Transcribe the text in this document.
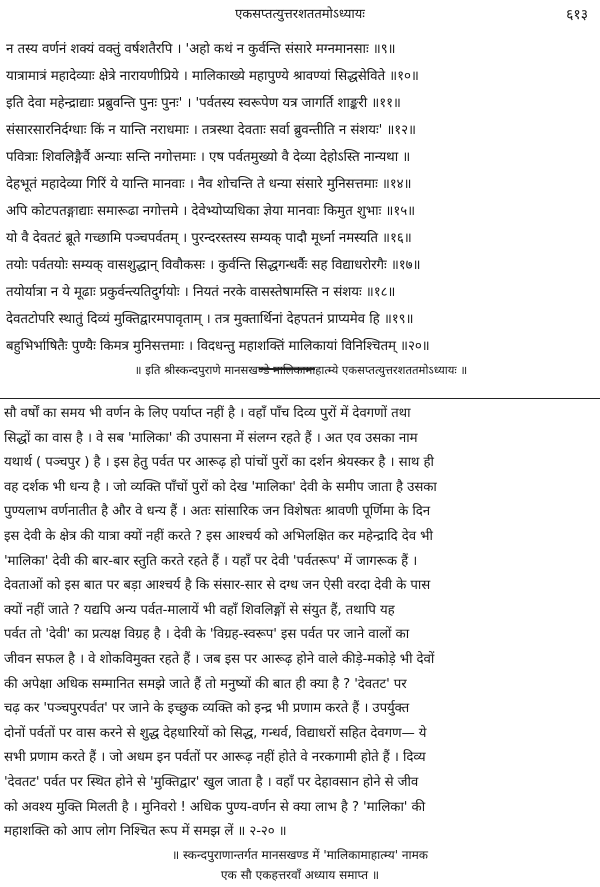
एकसप्तत्युत्तरशततमोऽध्यायः	६१३
न तस्य वर्णनं शक्यं वक्तुं वर्षशतैरपि । 'अहो कथं न कुर्वन्ति संसारे मग्नमानसाः ॥९॥
यात्रामात्रं महादेव्याः क्षेत्रे नारायणीप्रिये । मालिकाख्ये महापुण्ये श्रावण्यां सिद्धसेविते ॥१०॥
इति देवा महेन्द्राद्याः प्रब्रुवन्ति पुनः पुनः' । 'पर्वतस्य स्वरूपेण यत्र जागर्ति शाङ्करी ॥११॥
संसारसारनिर्दग्धाः किं न यान्ति नराधमाः । तत्रस्था देवताः सर्वा ब्रुवन्तीति न संशयः' ॥१२॥
पवित्राः शिवलिङ्गैर्वै अन्याः सन्ति नगोत्तमाः । एष पर्वतमुख्यो वै देव्या देहोऽस्ति नान्यथा ॥
देहभूतं महादेव्या गिरिं ये यान्ति मानवाः । नैव शोचन्ति ते धन्या संसारे मुनिसत्तमाः ॥१४॥
अपि कोटपतङ्गाद्याः समारूढा नगोत्तमे । देवेभ्योप्यधिका ज्ञेया मानवाः किमुत शुभाः ॥१५॥
यो वै देवतटं ब्रूते गच्छामि पञ्चपर्वतम् । पुरन्दरस्तस्य सम्यक् पादौ मूर्ध्ना नमस्यति ॥१६॥
तयोः पर्वतयोः सम्यक् वासशुद्धान् विवौकसः । कुर्वन्ति सिद्धगन्धर्वैः सह विद्याधरोरगैः ॥१७॥
तयोर्यात्रा न ये मूढाः प्रकुर्वन्त्यतिदुर्गयोः । नियतं नरके वासस्तेषामस्ति न संशयः ॥१८॥
देवतटोपरि स्थातुं दिव्यं मुक्तिद्वारमपावृताम् । तत्र मुक्तार्थिनां देहपतनं प्राप्यमेव हि ॥१९॥
बहुभिर्भाषितैः पुण्यैः किमत्र मुनिसत्तमाः । विदधन्तु महाशक्तिं मालिकायां विनिश्चितम् ॥२०॥
॥ इति श्रीस्कन्दपुराणे मानसखण्डे मालिकामाहात्म्ये एकसप्तत्युत्तरशततमोऽध्यायः ॥
सौ वर्षों का समय भी वर्णन के लिए पर्याप्त नहीं है । वहाँ पाँच दिव्य पुरों में देवगणों तथा
सिद्धों का वास है । वे सब 'मालिका' की उपासना में संलग्न रहते हैं । अत एव उसका नाम
यथार्थ ( पञ्चपुर ) है । इस हेतु पर्वत पर आरूढ़ हो पांचों पुरों का दर्शन श्रेयस्कर है । साथ ही
वह दर्शक भी धन्य है । जो व्यक्ति पाँचों पुरों को देख 'मालिका' देवी के समीप जाता है उसका
पुण्यलाभ वर्णनातीत है और वे धन्य हैं । अतः सांसारिक जन विशेषतः श्रावणी पूर्णिमा के दिन
इस देवी के क्षेत्र की यात्रा क्यों नहीं करते ? इस आश्चर्य को अभिलक्षित कर महेन्द्रादि देव भी
'मालिका' देवी की बार-बार स्तुति करते रहते हैं । यहाँ पर देवी 'पर्वतरूप' में जागरूक हैं ।
देवताओं को इस बात पर बड़ा आश्चर्य है कि संसार-सार से दग्ध जन ऐसी वरदा देवी के पास
क्यों नहीं जाते ? यद्यपि अन्य पर्वत-मालायें भी वहाँ शिवलिङ्गों से संयुत हैं, तथापि यह
पर्वत तो 'देवी' का प्रत्यक्ष विग्रह है । देवी के 'विग्रह-स्वरूप' इस पर्वत पर जाने वालों का
जीवन सफल है । वे शोकविमुक्त रहते हैं । जब इस पर आरूढ़ होने वाले कीड़े-मकोड़े भी देवों
की अपेक्षा अधिक सम्मानित समझे जाते हैं तो मनुष्यों की बात ही क्या है ? 'देवतट' पर
चढ़ कर 'पञ्चपुरपर्वत' पर जाने के इच्छुक व्यक्ति को इन्द्र भी प्रणाम करते हैं । उपर्युक्त
दोनों पर्वतों पर वास करने से शुद्ध देहधारियों को सिद्ध, गन्धर्व, विद्याधरों सहित देवगण— ये
सभी प्रणाम करते हैं । जो अधम इन पर्वतों पर आरूढ़ नहीं होते वे नरकगामी होते हैं । दिव्य
'देवतट' पर्वत पर स्थित होने से 'मुक्तिद्वार' खुल जाता है । वहाँ पर देहावसान होने से जीव
को अवश्य मुक्ति मिलती है । मुनिवरो ! अधिक पुण्य-वर्णन से क्या लाभ है ? 'मालिका' की
महाशक्ति को आप लोग निश्चित रूप में समझ लें ॥ २-२० ॥
॥ स्कन्दपुराणान्तर्गत मानसखण्ड में 'मालिकामाहात्म्य' नामक
एक सौ एकहत्तरवाँ अध्याय समाप्त ॥
